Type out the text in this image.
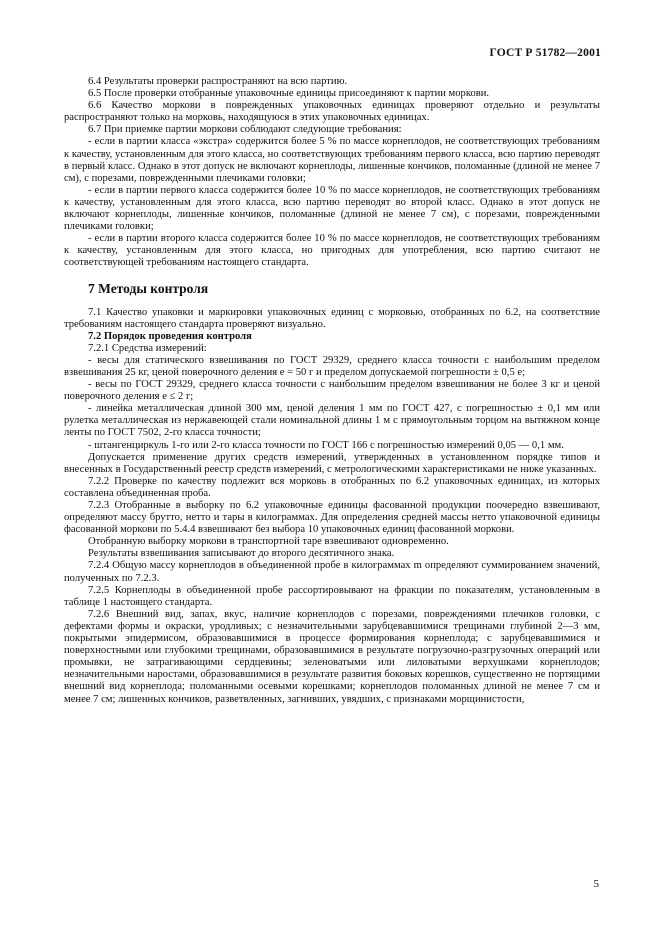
ГОСТ Р 51782—2001

6.4 Результаты проверки распространяют на всю партию.

6.5 После проверки отобранные упаковочные единицы присоединяют к партии моркови.

6.6 Качество моркови в поврежденных упаковочных единицах проверяют отдельно и результаты распространяют только на морковь, находящуюся в этих упаковочных единицах.

6.7 При приемке партии моркови соблюдают следующие требования:

- если в партии класса «экстра» содержится более 5 % по массе корнеплодов, не соответствующих требованиям к качеству, установленным для этого класса, но соответствующих требованиям первого класса, всю партию переводят в первый класс. Однако в этот допуск не включают корнеплоды, лишенные кончиков, поломанные (длиной не менее 7 см), с порезами, поврежденными плечиками головки;

- если в партии первого класса содержится более 10 % по массе корнеплодов, не соответствующих требованиям к качеству, установленным для этого класса, всю партию переводят во второй класс. Однако в этот допуск не включают корнеплоды, лишенные кончиков, поломанные (длиной не менее 7 см), с порезами, поврежденными плечиками головки;

- если в партии второго класса содержится более 10 % по массе корнеплодов, не соответствующих требованиям к качеству, установленным для этого класса, но пригодных для употребления, всю партию считают не соответствующей требованиям настоящего стандарта.

7 Методы контроля

7.1 Качество упаковки и маркировки упаковочных единиц с морковью, отобранных по 6.2, на соответствие требованиям настоящего стандарта проверяют визуально.

7.2 Порядок проведения контроля

7.2.1 Средства измерений:

- весы для статического взвешивания по ГОСТ 29329, среднего класса точности с наибольшим пределом взвешивания 25 кг, ценой поверочного деления e = 50 г и пределом допускаемой погрешности ± 0,5 e;

- весы по ГОСТ 29329, среднего класса точности с наибольшим пределом взвешивания не более 3 кг и ценой поверочного деления e ≤ 2 г;

- линейка металлическая длиной 300 мм, ценой деления 1 мм по ГОСТ 427, с погрешностью ± 0,1 мм или рулетка металлическая из нержавеющей стали номинальной длины 1 м с прямоугольным торцом на вытяжном конце ленты по ГОСТ 7502, 2-го класса точности;

- штангенциркуль 1-го или 2-го класса точности по ГОСТ 166 с погрешностью измерений 0,05 — 0,1 мм.

Допускается применение других средств измерений, утвержденных в установленном порядке типов и внесенных в Государственный реестр средств измерений, с метрологическими характеристиками не ниже указанных.

7.2.2 Проверке по качеству подлежит вся морковь в отобранных по 6.2 упаковочных единицах, из которых составлена объединенная проба.

7.2.3 Отобранные в выборку по 6.2 упаковочные единицы фасованной продукции поочередно взвешивают, определяют массу брутто, нетто и тары в килограммах. Для определения средней массы нетто упаковочной единицы фасованной моркови по 5.4.4 взвешивают без выбора 10 упаковочных единиц фасованной моркови.

Отобранную выборку моркови в транспортной таре взвешивают одновременно.

Результаты взвешивания записывают до второго десятичного знака.

7.2.4 Общую массу корнеплодов в объединенной пробе в килограммах m определяют суммированием значений, полученных по 7.2.3.

7.2.5 Корнеплоды в объединенной пробе рассортировывают на фракции по показателям, установленным в таблице 1 настоящего стандарта.

7.2.6 Внешний вид, запах, вкус, наличие корнеплодов с порезами, повреждениями плечиков головки, с дефектами формы и окраски, уродливых; с незначительными зарубцевавшимися трещинами глубиной 2—3 мм, покрытыми эпидермисом, образовавшимися в процессе формирования корнеплода; с зарубцевавшимися и поверхностными или глубокими трещинами, образовавшимися в результате погрузочно-разгрузочных операций или промывки, не затрагивающими сердцевины; зеленоватыми или лиловатыми верхушками корнеплодов; незначительными наростами, образовавшимися в результате развития боковых корешков, существенно не портящими внешний вид корнеплода; поломанными осевыми корешками; корнеплодов поломанных длиной не менее 7 см и менее 7 см; лишенных кончиков, разветвленных, загнивших, увядших, с признаками морщинистости,

5
